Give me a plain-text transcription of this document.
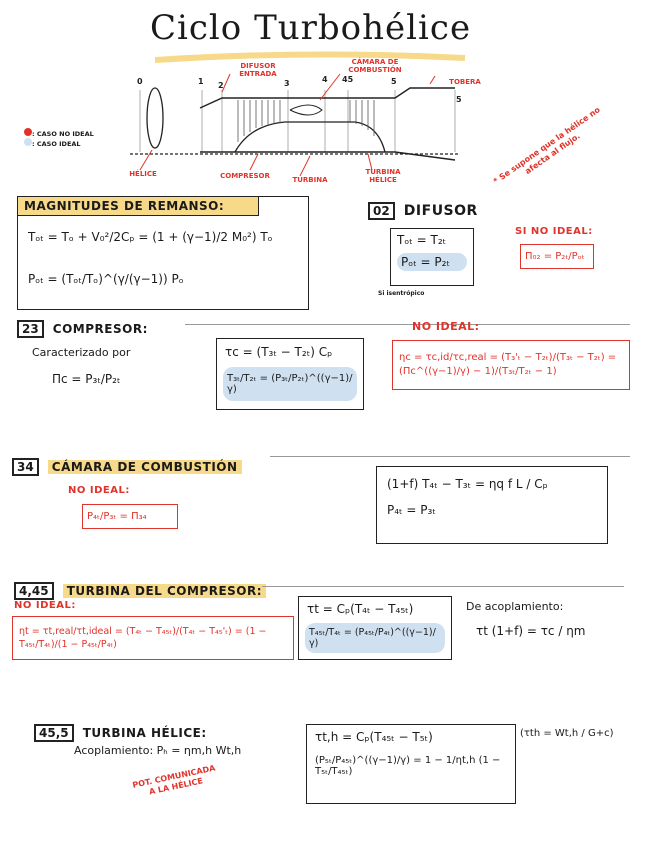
Ciclo Turbohélice
: CASO NO IDEAL
: CASO IDEAL
0	1 2	3	4 45	5
5
DIFUSOR ENTRADA
CÁMARA DE COMBUSTIÓN
TOBERA
HÉLICE	COMPRESOR	TURBINA
TURBINA HÉLICE	* Se supone que la hélice no afecta al flujo.
MAGNITUDES DE REMANSO:
Tₒₜ = Tₒ + V₀²/2Cₚ = (1 + (γ−1)/2 M₀²) Tₒ
Pₒₜ = (Tₒₜ/Tₒ)^(γ/(γ−1)) Pₒ
02 DIFUSOR
Tₒₜ = T₂ₜ
Pₒₜ = P₂ₜ
Si isentrópico
SI NO IDEAL:
Π₀₂ = P₂ₜ/Pₒₜ
23 COMPRESOR:
Caracterizado por
Πc = P₃ₜ/P₂ₜ
τc = (T₃ₜ − T₂ₜ) Cₚ
T₃ₜ/T₂ₜ = (P₃ₜ/P₂ₜ)^((γ−1)/γ)
NO IDEAL:
ηc = τc,id/τc,real = (T₃'ₜ − T₂ₜ)/(T₃ₜ − T₂ₜ) = (Πc^((γ−1)/γ) − 1)/(T₃ₜ/T₂ₜ − 1)
34 CÁMARA DE COMBUSTIÓN
NO IDEAL:
P₄ₜ/P₃ₜ = Π₃₄
(1+f) T₄ₜ − T₃ₜ = ηq f L / Cₚ
P₄ₜ = P₃ₜ
4,45 TURBINA DEL COMPRESOR:
NO IDEAL:
ηt = τt,real/τt,ideal = (T₄ₜ − T₄₅ₜ)/(T₄ₜ − T₄₅'ₜ) = (1 − T₄₅ₜ/T₄ₜ)/(1 − P₄₅ₜ/P₄ₜ)
τt = Cₚ(T₄ₜ − T₄₅ₜ)
T₄₅ₜ/T₄ₜ = (P₄₅ₜ/P₄ₜ)^((γ−1)/γ)
De acoplamiento:
τt (1+f) = τc / ηm
45,5 TURBINA HÉLICE:
Acoplamiento: Pₕ = ηm,h Wt,h
POT. COMUNICADA A LA HÉLICE
τt,h = Cₚ(T₄₅ₜ − T₅ₜ)
(P₅ₜ/P₄₅ₜ)^((γ−1)/γ) = 1 − 1/ηt,h (1 − T₅ₜ/T₄₅ₜ)
(τth = Wt,h / G+c)
